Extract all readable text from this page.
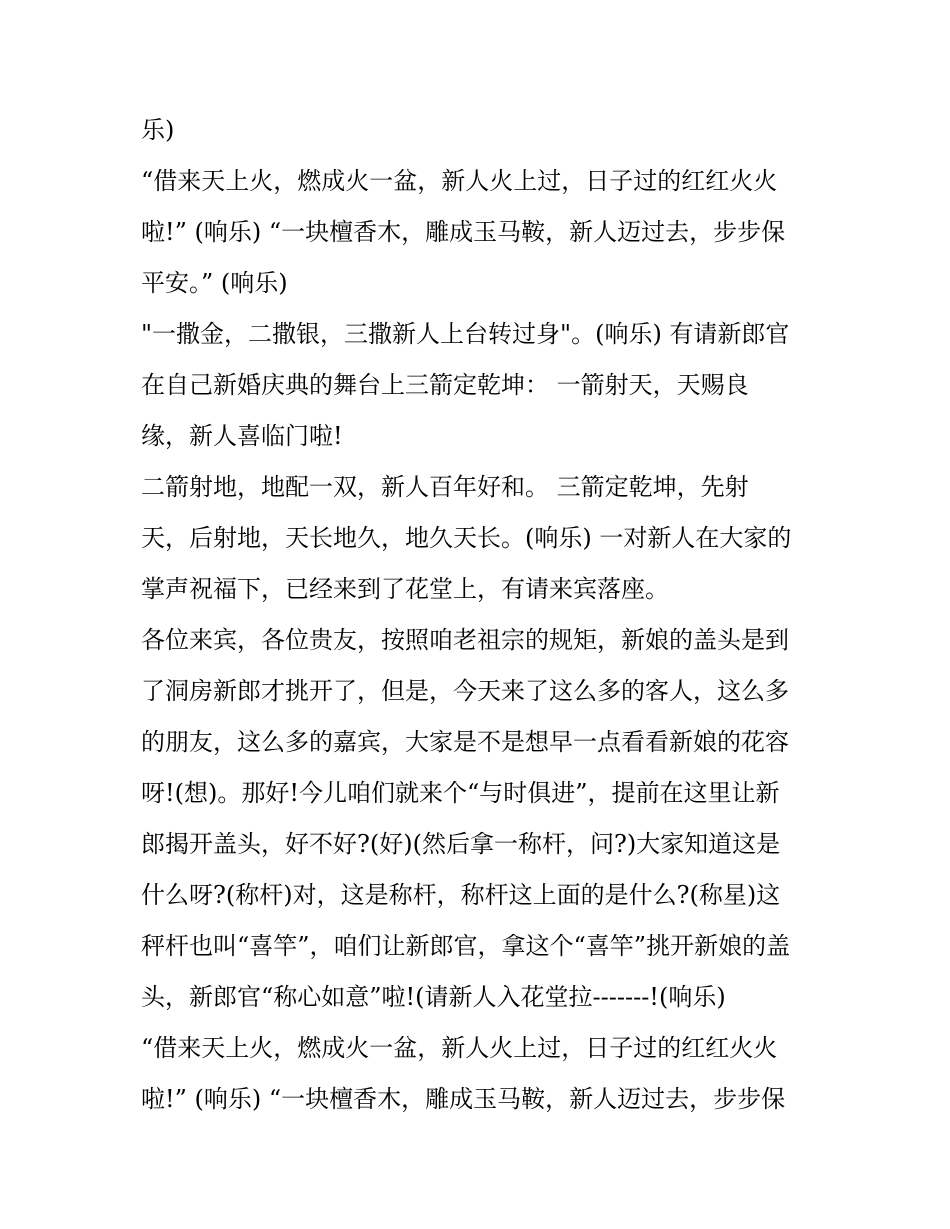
乐)
“借来天上火，燃成火一盆，新人火上过，日子过的红红火火
啦!” (响乐) “一块檀香木，雕成玉马鞍，新人迈过去，步步保
平安。” (响乐)
"一撒金，二撒银，三撒新人上台转过身"。(响乐) 有请新郎官
在自己新婚庆典的舞台上三箭定乾坤： 一箭射天，天赐良
缘，新人喜临门啦!
二箭射地，地配一双，新人百年好和。 三箭定乾坤，先射
天，后射地，天长地久，地久天长。(响乐) 一对新人在大家的
掌声祝福下，已经来到了花堂上，有请来宾落座。
各位来宾，各位贵友，按照咱老祖宗的规矩，新娘的盖头是到
了洞房新郎才挑开了，但是，今天来了这么多的客人，这么多
的朋友，这么多的嘉宾，大家是不是想早一点看看新娘的花容
呀!(想)。那好!今儿咱们就来个“与时俱进”，提前在这里让新
郎揭开盖头，好不好?(好)(然后拿一称杆，问?)大家知道这是
什么呀?(称杆)对，这是称杆，称杆这上面的是什么?(称星)这
秤杆也叫“喜竿”，咱们让新郎官，拿这个“喜竿”挑开新娘的盖
头，新郎官“称心如意”啦!(请新人入花堂拉-------!(响乐)
“借来天上火，燃成火一盆，新人火上过，日子过的红红火火
啦!” (响乐) “一块檀香木，雕成玉马鞍，新人迈过去，步步保
